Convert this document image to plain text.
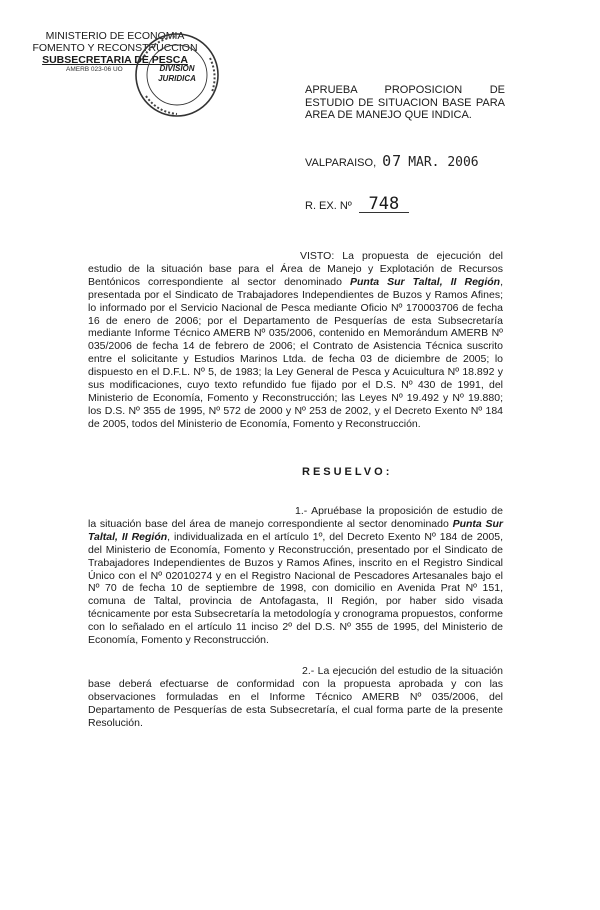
MINISTERIO DE ECONOMIA
FOMENTO Y RECONSTRUCCION
SUBSECRETARIA DE PESCA
AMERB 023-06 UO	DIVISION
JURIDICA
APRUEBA PROPOSICION DE ESTUDIO DE SITUACION BASE PARA AREA DE MANEJO QUE INDICA.
VALPARAISO, 07 MAR. 2006
R. EX. Nº 748
VISTO: La propuesta de ejecución del estudio de la situación base para el Área de Manejo y Explotación de Recursos Bentónicos correspondiente al sector denominado Punta Sur Taltal, II Región, presentada por el Sindicato de Trabajadores Independientes de Buzos y Ramos Afines; lo informado por el Servicio Nacional de Pesca mediante Oficio Nº 170003706 de fecha 16 de enero de 2006; por el Departamento de Pesquerías de esta Subsecretaría mediante Informe Técnico AMERB Nº 035/2006, contenido en Memorándum AMERB Nº 035/2006 de fecha 14 de febrero de 2006; el Contrato de Asistencia Técnica suscrito entre el solicitante y Estudios Marinos Ltda. de fecha 03 de diciembre de 2005; lo dispuesto en el D.F.L. Nº 5, de 1983; la Ley General de Pesca y Acuicultura Nº 18.892 y sus modificaciones, cuyo texto refundido fue fijado por el D.S. Nº 430 de 1991, del Ministerio de Economía, Fomento y Reconstrucción; las Leyes Nº 19.492 y Nº 19.880; los D.S. Nº 355 de 1995, Nº 572 de 2000 y Nº 253 de 2002, y el Decreto Exento Nº 184 de 2005, todos del Ministerio de Economía, Fomento y Reconstrucción.
RESUELVO:
1.- Apruébase la proposición de estudio de la situación base del área de manejo correspondiente al sector denominado Punta Sur Taltal, II Región, individualizada en el artículo 1º, del Decreto Exento Nº 184 de 2005, del Ministerio de Economía, Fomento y Reconstrucción, presentado por el Sindicato de Trabajadores Independientes de Buzos y Ramos Afines, inscrito en el Registro Sindical Único con el Nº 02010274 y en el Registro Nacional de Pescadores Artesanales bajo el Nº 70 de fecha 10 de septiembre de 1998, con domicilio en Avenida Prat Nº 151, comuna de Taltal, provincia de Antofagasta, II Región, por haber sido visada técnicamente por esta Subsecretaría la metodología y cronograma propuestos, conforme con lo señalado en el artículo 11 inciso 2º del D.S. Nº 355 de 1995, del Ministerio de Economía, Fomento y Reconstrucción.
2.- La ejecución del estudio de la situación base deberá efectuarse de conformidad con la propuesta aprobada y con las observaciones formuladas en el Informe Técnico AMERB Nº 035/2006, del Departamento de Pesquerías de esta Subsecretaría, el cual forma parte de la presente Resolución.
